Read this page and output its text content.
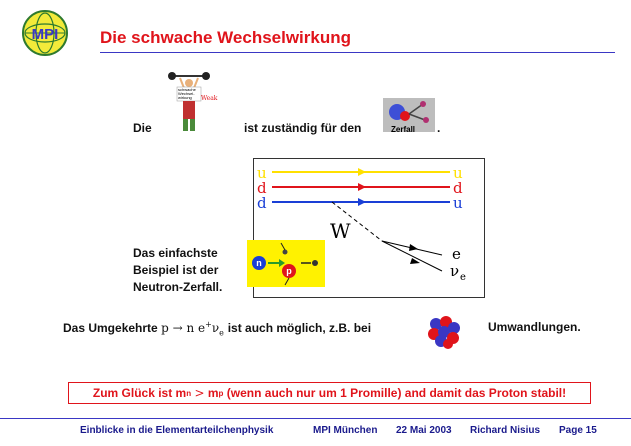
MPI Die schwache Wechselwirkung
Die
schwache
Wechsel-
wirkung Weak
ist zuständig für den	Zerfall .
u
d
d
u
d
u
W
e
ν e
n
p
Das einfachste
Beispiel ist der
Neutron-Zerfall.
Das Umgekehrte p → n $e^+\nu_e$ ist auch möglich, z.B. bei	Umwandlungen.
Zum Glück ist m n
>
m p
(wenn auch nur um 1 Promille) and damit das Proton stabil!
Einblicke in die Elementarteilchenphysik	MPI München 22 Mai 2003 Richard Nisius Page 15
